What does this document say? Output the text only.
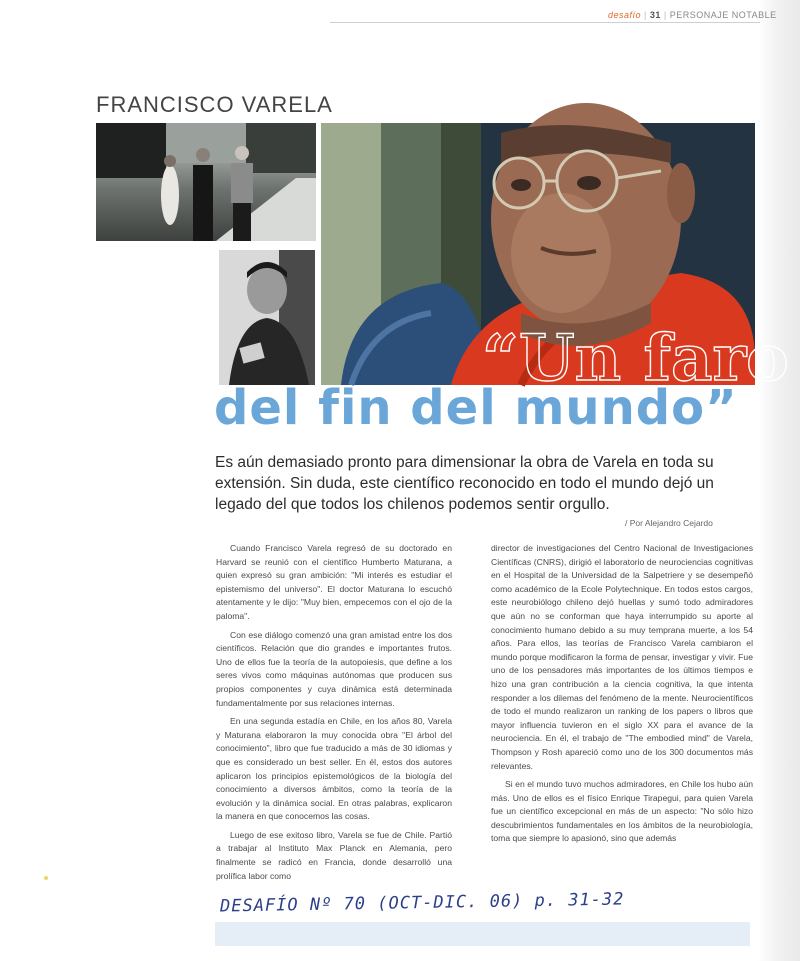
desafío | 31 | PERSONAJE NOTABLE
FRANCISCO VARELA
“Un faro
del fin del mundo”
Es aún demasiado pronto para dimensionar la obra de Varela en toda su extensión. Sin duda, este científico reconocido en todo el mundo dejó un legado del que todos los chilenos podemos sentir orgullo.
/ Por Alejandro Cejardo

Cuando Francisco Varela regresó de su doctorado en Harvard se reunió con el científico Humberto Maturana, a quien expresó su gran ambición: "Mi interés es estudiar el epistemismo del universo". El doctor Maturana lo escuchó atentamente y le dijo: "Muy bien, empecemos con el ojo de la paloma".

Con ese diálogo comenzó una gran amistad entre los dos científicos. Relación que dio grandes e importantes frutos. Uno de ellos fue la teoría de la autopoiesis, que define a los seres vivos como máquinas autónomas que producen sus propios componentes y cuya dinámica está determinada fundamentalmente por sus relaciones internas.

En una segunda estadía en Chile, en los años 80, Varela y Maturana elaboraron la muy conocida obra "El árbol del conocimiento", libro que fue traducido a más de 30 idiomas y que es considerado un best seller. En él, estos dos autores aplicaron los principios epistemológicos de la biología del conocimiento a diversos ámbitos, como la teoría de la evolución y la dinámica social. En otras palabras, explicaron la manera en que conocemos las cosas.

Luego de ese exitoso libro, Varela se fue de Chile. Partió a trabajar al Instituto Max Planck en Alemania, pero finalmente se radicó en Francia, donde desarrolló una prolífica labor como

director de investigaciones del Centro Nacional de Investigaciones Científicas (CNRS), dirigió el laboratorio de neurociencias cognitivas en el Hospital de la Universidad de la Salpetriere y se desempeñó como académico de la Ecole Polytechnique. En todos estos cargos, este neurobiólogo chileno dejó huellas y sumó todo admiradores que aún no se conforman que haya interrumpido su aporte al conocimiento humano debido a su muy temprana muerte, a los 54 años. Para ellos, las teorías de Francisco Varela cambiaron el mundo porque modificaron la forma de pensar, investigar y vivir. Fue uno de los pensadores más importantes de los últimos tiempos e hizo una gran contribución a la ciencia cognitiva, la que intenta responder a los dilemas del fenómeno de la mente. Neurocientíficos de todo el mundo realizaron un ranking de los papers o libros que mayor influencia tuvieron en el siglo XX para el avance de la neurociencia. En él, el trabajo de "The embodied mind" de Varela, Thompson y Rosh apareció como uno de los 300 documentos más relevantes.

Si en el mundo tuvo muchos admiradores, en Chile los hubo aún más. Uno de ellos es el físico Enrique Tirapegui, para quien Varela fue un científico excepcional en más de un aspecto: "No sólo hizo descubrimientos fundamentales en los ámbitos de la neurobiología, toma que siempre lo apasionó, sino que además

DESAFÍO Nº 70 (OCT-DIC. 06) p. 31-32
